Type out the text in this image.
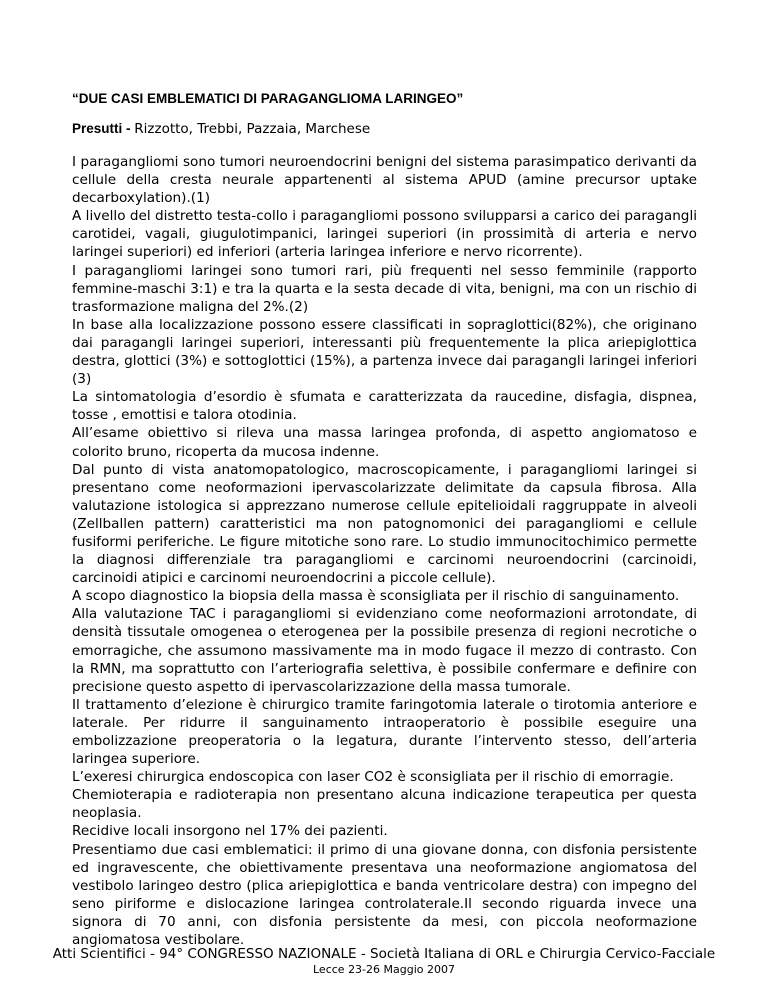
“DUE CASI EMBLEMATICI DI PARAGANGLIOMA LARINGEO”
Presutti - Rizzotto, Trebbi, Pazzaia, Marchese

I paragangliomi sono tumori neuroendocrini benigni del sistema parasimpatico derivanti da cellule della cresta neurale appartenenti al sistema APUD (amine precursor uptake decarboxylation).(1)

A livello del distretto testa-collo i paragangliomi possono svilupparsi a carico dei paragangli carotidei, vagali, giugulotimpanici, laringei superiori (in prossimità di arteria e nervo laringei superiori) ed inferiori (arteria laringea inferiore e nervo ricorrente).

I paragangliomi laringei sono tumori rari, più frequenti nel sesso femminile (rapporto femmine-maschi 3:1) e tra la quarta e la sesta decade di vita, benigni, ma con un rischio di trasformazione maligna del 2%.(2)

In base alla localizzazione possono essere classificati in sopraglottici(82%), che originano dai paragangli laringei superiori, interessanti più frequentemente la plica ariepiglottica destra, glottici (3%) e sottoglottici (15%), a partenza invece dai paragangli laringei inferiori (3)

La sintomatologia d’esordio è sfumata e caratterizzata da raucedine, disfagia, dispnea, tosse , emottisi e talora otodinia.

All’esame obiettivo si rileva una massa laringea profonda, di aspetto angiomatoso e colorito bruno, ricoperta da mucosa indenne.

Dal punto di vista anatomopatologico, macroscopicamente, i paragangliomi laringei si presentano come neoformazioni ipervascolarizzate delimitate da capsula fibrosa. Alla valutazione istologica si apprezzano numerose cellule epitelioidali raggruppate in alveoli (Zellballen pattern) caratteristici ma non patognomonici dei paragangliomi e cellule fusiformi periferiche. Le figure mitotiche sono rare. Lo studio immunocitochimico permette la diagnosi differenziale tra paragangliomi e carcinomi neuroendocrini (carcinoidi, carcinoidi atipici e carcinomi neuroendocrini a piccole cellule).

A scopo diagnostico la biopsia della massa è sconsigliata per il rischio di sanguinamento.

Alla valutazione TAC i paragangliomi si evidenziano come neoformazioni arrotondate, di densità tissutale omogenea o eterogenea per la possibile presenza di regioni necrotiche o emorragiche, che assumono massivamente ma in modo fugace il mezzo di contrasto. Con la RMN, ma soprattutto con l’arteriografia selettiva, è possibile confermare e definire con precisione questo aspetto di ipervascolarizzazione della massa tumorale.

Il trattamento d’elezione è chirurgico tramite faringotomia laterale o tirotomia anteriore e laterale. Per ridurre il sanguinamento intraoperatorio è possibile eseguire una embolizzazione preoperatoria o la legatura, durante l’intervento stesso, dell’arteria laringea superiore.

L’exeresi chirurgica endoscopica con laser CO2 è sconsigliata per il rischio di emorragie.

Chemioterapia e radioterapia non presentano alcuna indicazione terapeutica per questa neoplasia.

Recidive locali insorgono nel 17% dei pazienti.

Presentiamo due casi emblematici: il primo di una giovane donna, con disfonia persistente ed ingravescente, che obiettivamente presentava una neoformazione angiomatosa del vestibolo laringeo destro (plica ariepiglottica e banda ventricolare destra) con impegno del seno piriforme e dislocazione laringea controlaterale.Il secondo riguarda invece una signora di 70 anni, con disfonia persistente da mesi, con piccola neoformazione angiomatosa vestibolare.

Atti Scientifici - 94° CONGRESSO NAZIONALE - Società Italiana di ORL e Chirurgia Cervico-Facciale
Lecce 23-26 Maggio 2007
